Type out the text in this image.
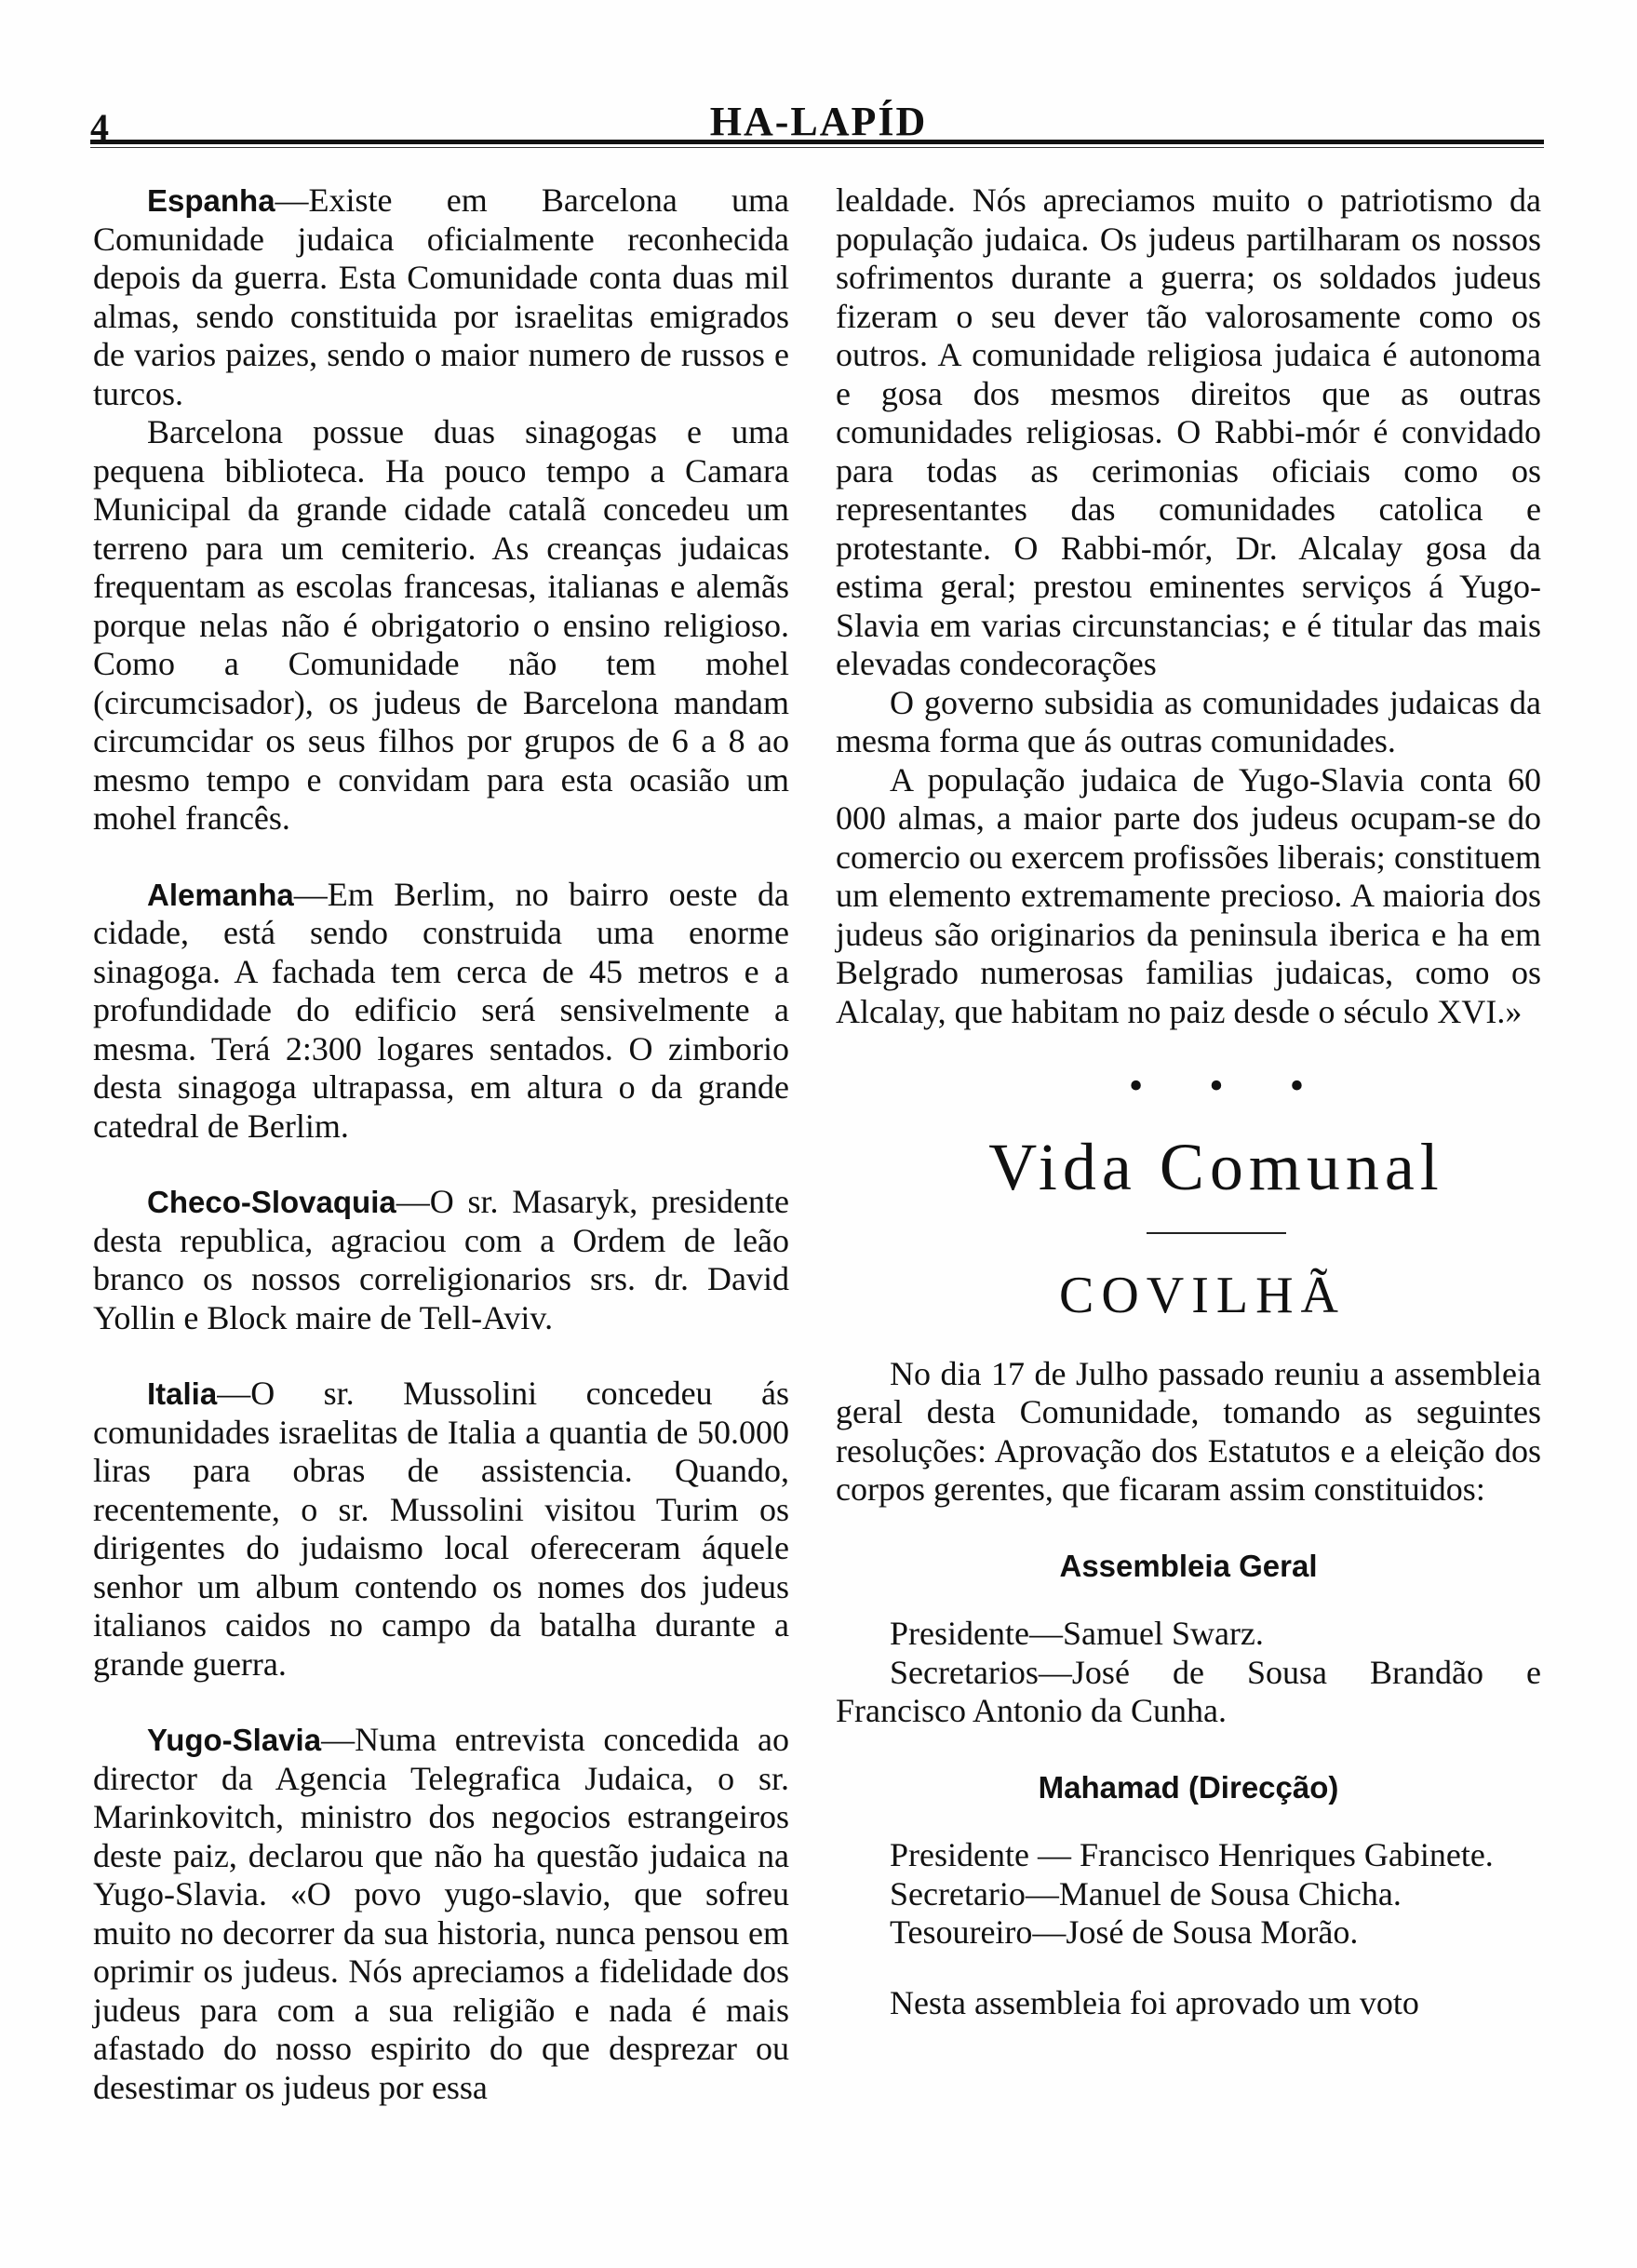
4	HA-LAPÍD

Espanha—Existe em Barcelona uma Comunidade judaica oficialmente reconhecida depois da guerra. Esta Comunidade conta duas mil almas, sendo constituida por israelitas emigrados de varios paizes, sendo o maior numero de russos e turcos.

Barcelona possue duas sinagogas e uma pequena biblioteca. Ha pouco tempo a Camara Municipal da grande cidade catalã concedeu um terreno para um cemiterio. As creanças judaicas frequentam as escolas francesas, italianas e alemãs porque nelas não é obrigatorio o ensino religioso. Como a Comunidade não tem mohel (circumcisador), os judeus de Barcelona mandam circumcidar os seus filhos por grupos de 6 a 8 ao mesmo tempo e convidam para esta ocasião um mohel francês.

Alemanha—Em Berlim, no bairro oeste da cidade, está sendo construida uma enorme sinagoga. A fachada tem cerca de 45 metros e a profundidade do edificio será sensivelmente a mesma. Terá 2:300 logares sentados. O zimborio desta sinagoga ultrapassa, em altura o da grande catedral de Berlim.

Checo-Slovaquia—O sr. Masaryk, presidente desta republica, agraciou com a Ordem de leão branco os nossos correligionarios srs. dr. David Yollin e Block maire de Tell-Aviv.

Italia—O sr. Mussolini concedeu ás comunidades israelitas de Italia a quantia de 50.000 liras para obras de assistencia. Quando, recentemente, o sr. Mussolini visitou Turim os dirigentes do judaismo local ofereceram áquele senhor um album contendo os nomes dos judeus italianos caidos no campo da batalha durante a grande guerra.

Yugo-Slavia—Numa entrevista concedida ao director da Agencia Telegrafica Judaica, o sr. Marinkovitch, ministro dos negocios estrangeiros deste paiz, declarou que não ha questão judaica na Yugo-Slavia. «O povo yugo-slavio, que sofreu muito no decorrer da sua historia, nunca pensou em oprimir os judeus. Nós apreciamos a fidelidade dos judeus para com a sua religião e nada é mais afastado do nosso espirito do que desprezar ou desestimar os judeus por essa

lealdade. Nós apreciamos muito o patriotismo da população judaica. Os judeus partilharam os nossos sofrimentos durante a guerra; os soldados judeus fizeram o seu dever tão valorosamente como os outros. A comunidade religiosa judaica é autonoma e gosa dos mesmos direitos que as outras comunidades religiosas. O Rabbi-mór é convidado para todas as cerimonias oficiais como os representantes das comunidades catolica e protestante. O Rabbi-mór, Dr. Alcalay gosa da estima geral; prestou eminentes serviços á Yugo-Slavia em varias circunstancias; e é titular das mais elevadas condecorações

O governo subsidia as comunidades judaicas da mesma forma que ás outras comunidades.

A população judaica de Yugo-Slavia conta 60 000 almas, a maior parte dos judeus ocupam-se do comercio ou exercem profissões liberais; constituem um elemento extremamente precioso. A maioria dos judeus são originarios da peninsula iberica e ha em Belgrado numerosas familias judaicas, como os Alcalay, que habitam no paiz desde o século XVI.»

• • •
Vida Comunal
COVILHÃ

No dia 17 de Julho passado reuniu a assembleia geral desta Comunidade, tomando as seguintes resoluções: Aprovação dos Estatutos e a eleição dos corpos gerentes, que ficaram assim constituidos:

Assembleia Geral

Presidente—Samuel Swarz.

Secretarios—José de Sousa Brandão e Francisco Antonio da Cunha.

Mahamad (Direcção)

Presidente — Francisco Henriques Gabinete.

Secretario—Manuel de Sousa Chicha.

Tesoureiro—José de Sousa Morão.

Nesta assembleia foi aprovado um voto
